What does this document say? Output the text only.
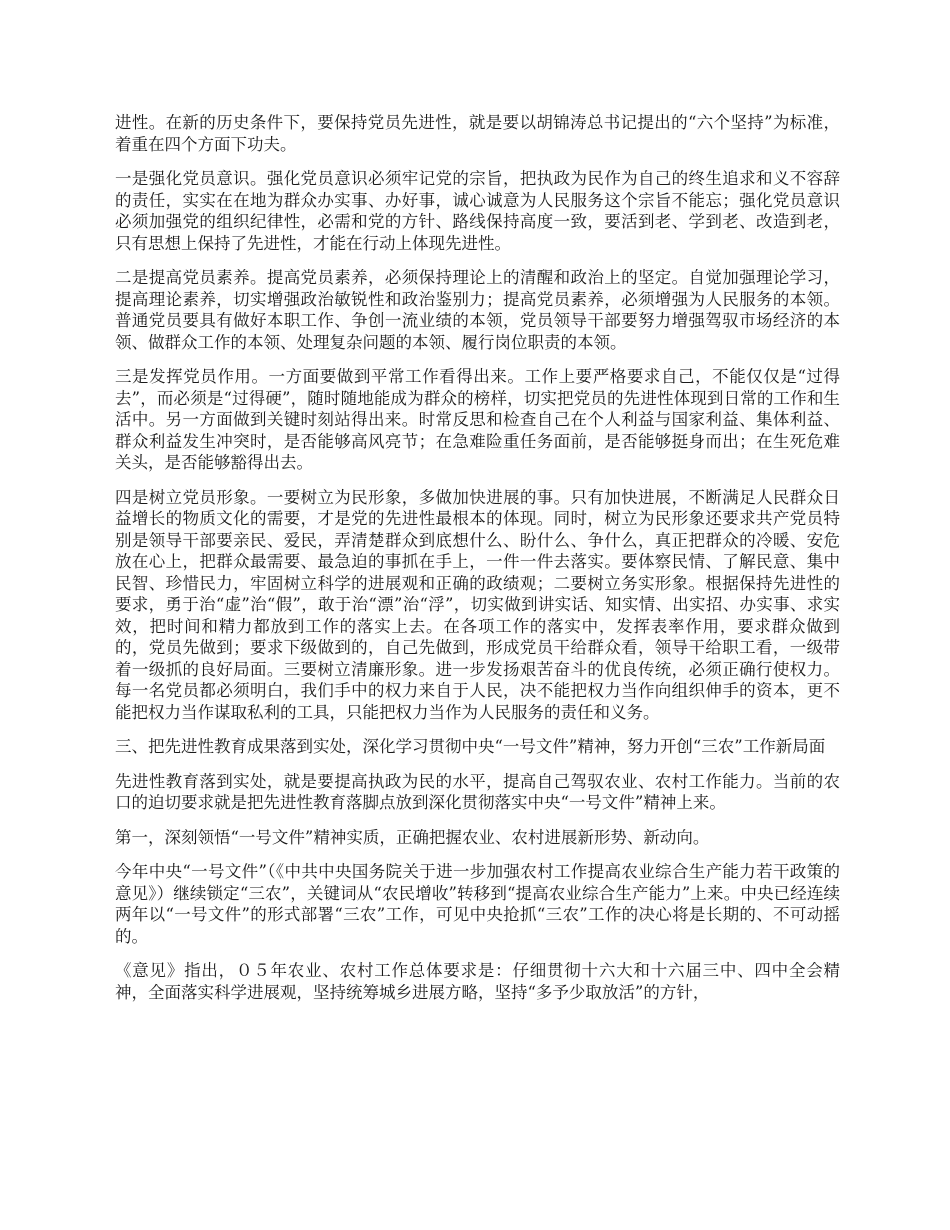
进性。在新的历史条件下，要保持党员先进性，就是要以胡锦涛总书记提出的“六个坚持”为标准，着重在四个方面下功夫。

一是强化党员意识。强化党员意识必须牢记党的宗旨，把执政为民作为自己的终生追求和义不容辞的责任，实实在在地为群众办实事、办好事，诚心诚意为人民服务这个宗旨不能忘；强化党员意识必须加强党的组织纪律性，必需和党的方针、路线保持高度一致，要活到老、学到老、改造到老，只有思想上保持了先进性，才能在行动上体现先进性。

二是提高党员素养。提高党员素养，必须保持理论上的清醒和政治上的坚定。自觉加强理论学习，提高理论素养，切实增强政治敏锐性和政治鉴别力；提高党员素养，必须增强为人民服务的本领。普通党员要具有做好本职工作、争创一流业绩的本领，党员领导干部要努力增强驾驭市场经济的本领、做群众工作的本领、处理复杂问题的本领、履行岗位职责的本领。

三是发挥党员作用。一方面要做到平常工作看得出来。工作上要严格要求自己，不能仅仅是“过得去”，而必须是“过得硬”，随时随地能成为群众的榜样，切实把党员的先进性体现到日常的工作和生活中。另一方面做到关键时刻站得出来。时常反思和检查自己在个人利益与国家利益、集体利益、群众利益发生冲突时，是否能够高风亮节；在急难险重任务面前，是否能够挺身而出；在生死危难关头，是否能够豁得出去。

四是树立党员形象。一要树立为民形象，多做加快进展的事。只有加快进展，不断满足人民群众日益增长的物质文化的需要，才是党的先进性最根本的体现。同时，树立为民形象还要求共产党员特别是领导干部要亲民、爱民，弄清楚群众到底想什么、盼什么、争什么，真正把群众的冷暖、安危放在心上，把群众最需要、最急迫的事抓在手上，一件一件去落实。要体察民情、了解民意、集中民智、珍惜民力，牢固树立科学的进展观和正确的政绩观；二要树立务实形象。根据保持先进性的要求，勇于治“虚”治“假”，敢于治“漂”治“浮”，切实做到讲实话、知实情、出实招、办实事、求实效，把时间和精力都放到工作的落实上去。在各项工作的落实中，发挥表率作用，要求群众做到的，党员先做到；要求下级做到的，自己先做到，形成党员干给群众看，领导干给职工看，一级带着一级抓的良好局面。三要树立清廉形象。进一步发扬艰苦奋斗的优良传统，必须正确行使权力。每一名党员都必须明白，我们手中的权力来自于人民，决不能把权力当作向组织伸手的资本，更不能把权力当作谋取私利的工具，只能把权力当作为人民服务的责任和义务。

三、把先进性教育成果落到实处，深化学习贯彻中央“一号文件”精神，努力开创“三农”工作新局面

先进性教育落到实处，就是要提高执政为民的水平，提高自己驾驭农业、农村工作能力。当前的农口的迫切要求就是把先进性教育落脚点放到深化贯彻落实中央“一号文件”精神上来。

第一，深刻领悟“一号文件”精神实质，正确把握农业、农村进展新形势、新动向。

今年中央“一号文件”（《中共中央国务院关于进一步加强农村工作提高农业综合生产能力若干政策的意见》）继续锁定“三农”，关键词从“农民增收”转移到“提高农业综合生产能力”上来。中央已经连续两年以“一号文件”的形式部署“三农”工作，可见中央抢抓“三农”工作的决心将是长期的、不可动摇的。

《意见》指出，０５年农业、农村工作总体要求是：仔细贯彻十六大和十六届三中、四中全会精神，全面落实科学进展观，坚持统筹城乡进展方略，坚持“多予少取放活”的方针，
